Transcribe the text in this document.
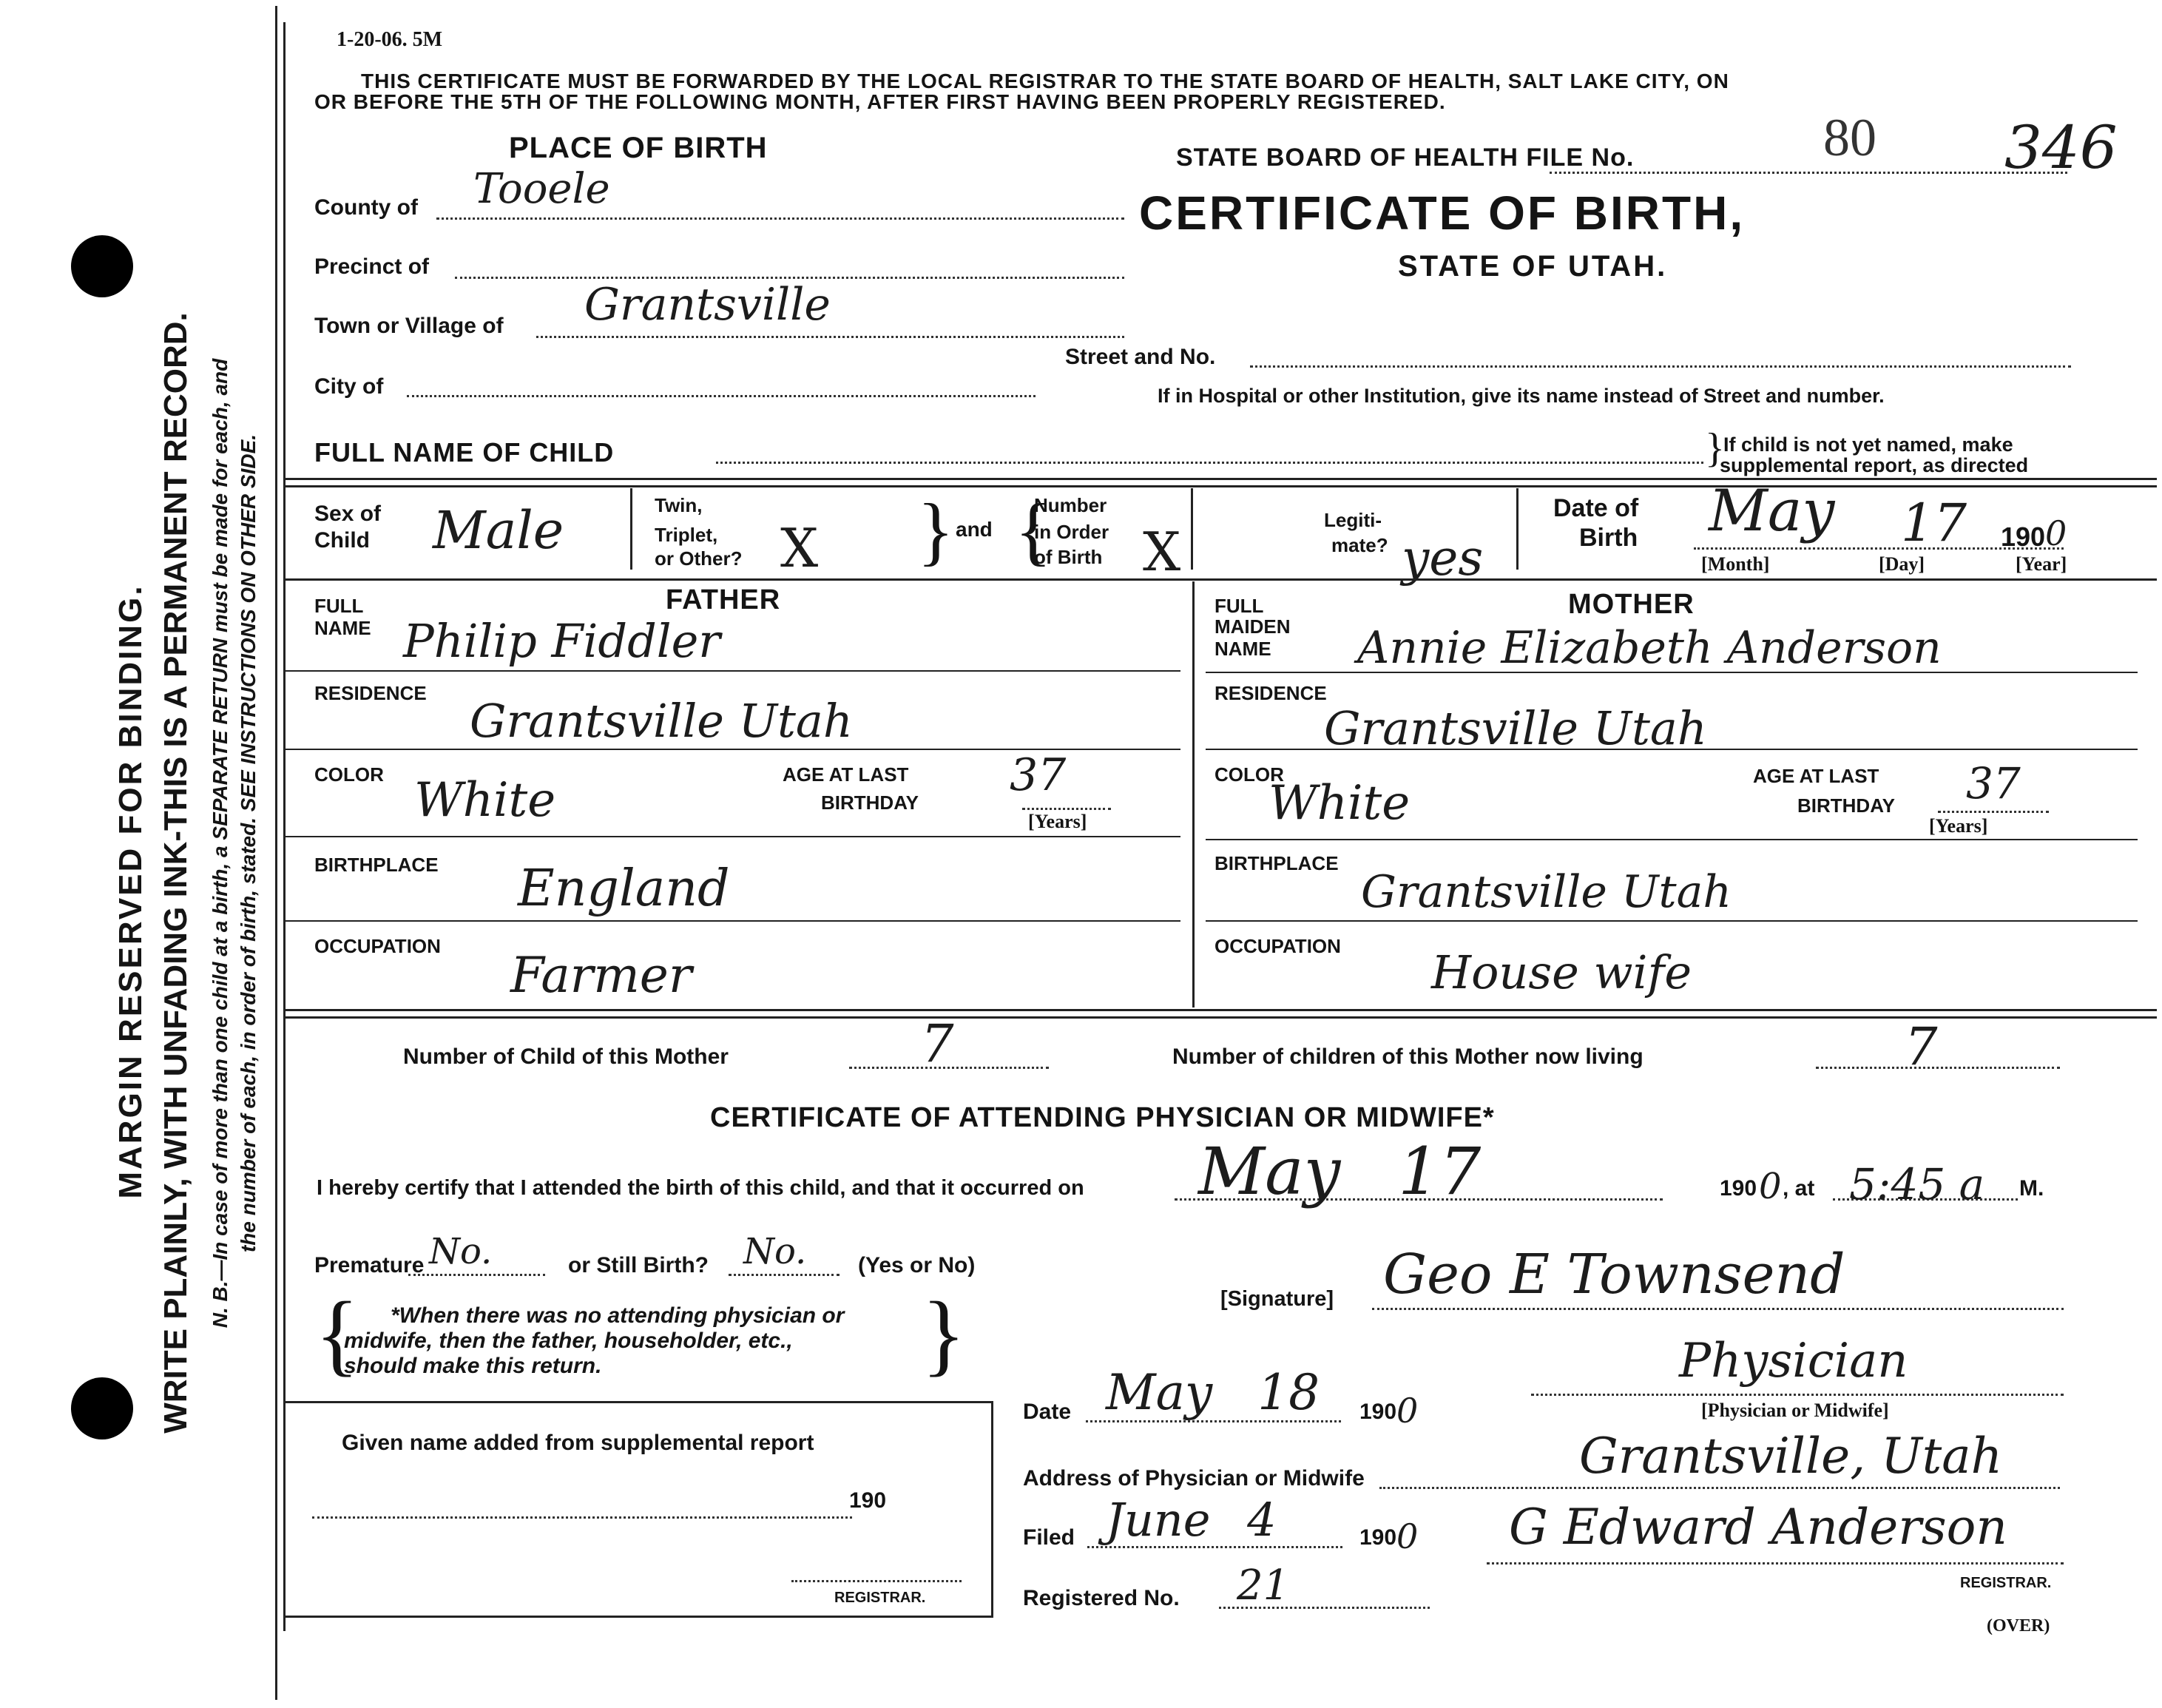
MARGIN RESERVED FOR BINDING. WRITE PLAINLY, WITH UNFADING INK-THIS IS A PERMANENT RECORD. N. B.—In case of more than one child at a birth, a SEPARATE RETURN must be made for each, and the number of each, in order of birth, stated. SEE INSTRUCTIONS ON OTHER SIDE.
1-20-06. 5M
THIS CERTIFICATE MUST BE FORWARDED BY THE LOCAL REGISTRAR TO THE STATE BOARD OF HEALTH, SALT LAKE CITY, ON
OR BEFORE THE 5TH OF THE FOLLOWING MONTH, AFTER FIRST HAVING BEEN PROPERLY REGISTERED.
PLACE OF BIRTH	STATE BOARD OF HEALTH FILE No.	80 346
CERTIFICATE OF BIRTH,
STATE OF UTAH.
County of Tooele
Precinct of
Town or Village of Grantsville
City of
Street and No.
If in Hospital or other Institution, give its name instead of Street and number.
FULL NAME OF CHILD	}
If child is not yet named, make
supplemental report, as directed
Sex of
Child Male	Twin,
Triplet,
or Other? X } and {
Number
in Order
of Birth X
Legiti-
mate? yes
Date of
Birth May 17 190 0
[Month]	[Day]	[Year]
FATHER	MOTHER
FULL
NAME Philip Fiddler
RESIDENCE
Grantsville Utah
COLOR White	AGE AT LAST
BIRTHDAY
37
[Years]
BIRTHPLACE England
OCCUPATION
Farmer
FULL
MAIDEN
NAME Annie Elizabeth Anderson
RESIDENCE
Grantsville Utah
COLOR
White	AGE AT LAST
BIRTHDAY 37
[Years]
BIRTHPLACE
Grantsville Utah
OCCUPATION House wife
Number of Child of this Mother	7	Number of children of this Mother now living	7
CERTIFICATE OF ATTENDING PHYSICIAN OR MIDWIFE*
I hereby certify that I attended the birth of this child, and that it occurred on May 17	190 0 , at 5:45 a M.
Premature No.	or Still Birth? No. (Yes or No)
{ *When there was no attending physician or
midwife, then the father, householder, etc.,
should make this return.	}	[Signature] Geo E Townsend
Physician
[Physician or Midwife]
Given name added from supplemental report
190
REGISTRAR.
Date May 18 190 0
Address of Physician or Midwife	Grantsville, Utah
Filed June 4	190 0 G Edward Anderson
REGISTRAR.
Registered No. 21
(OVER)
